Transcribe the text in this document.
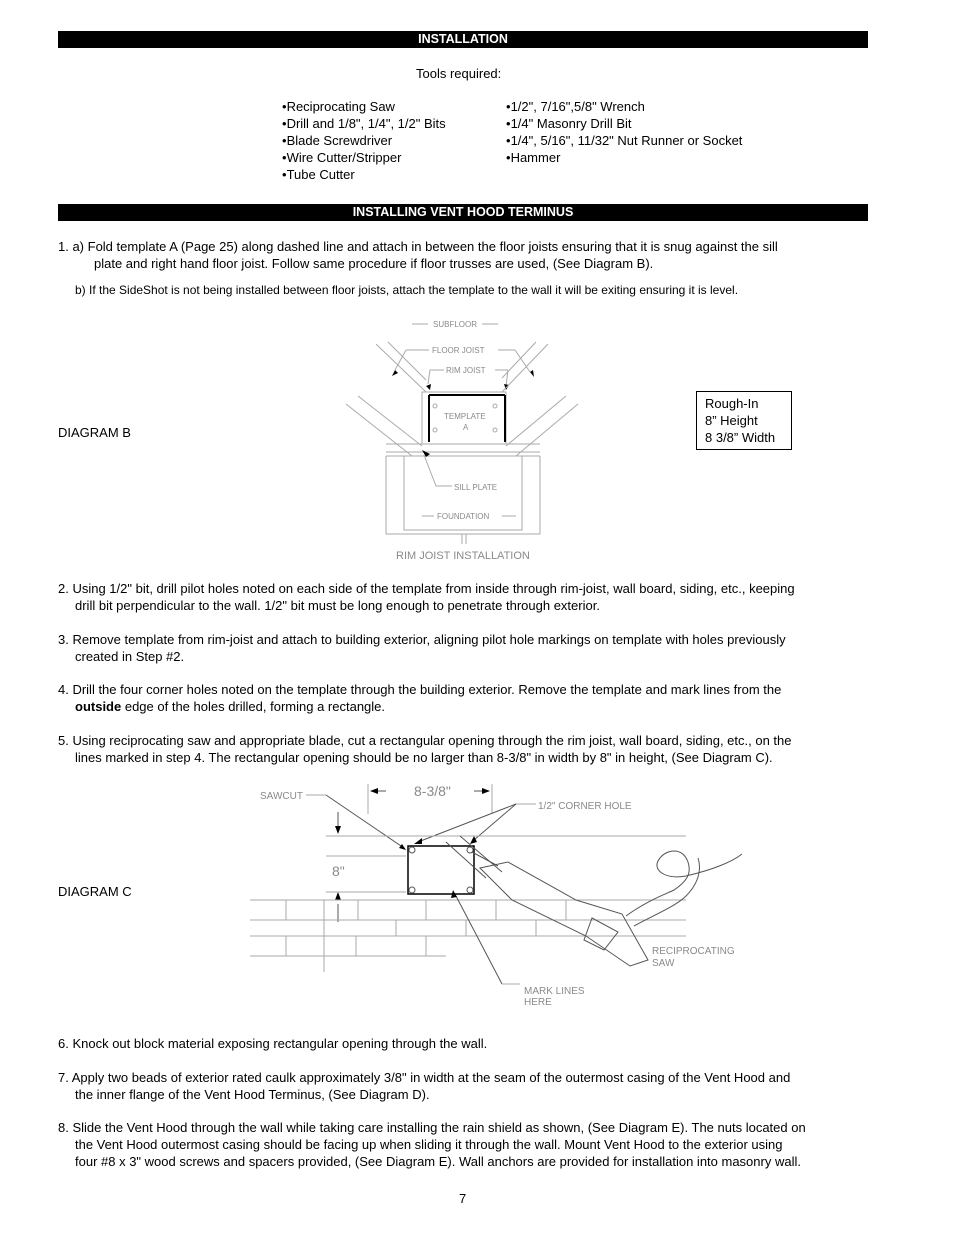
INSTALLATION
Tools required:
• Reciprocating Saw
• Drill and 1/8", 1/4", 1/2" Bits
• Blade Screwdriver
• Wire Cutter/Stripper
• Tube Cutter
• 1/2", 7/16",5/8" Wrench
• 1/4" Masonry Drill Bit
• 1/4", 5/16", 11/32" Nut Runner or Socket
• Hammer
INSTALLING VENT HOOD TERMINUS
1. a) Fold template A (Page 25) along dashed line and attach in between the floor joists ensuring that it is snug against the sill
plate and right hand floor joist. Follow same procedure if floor trusses are used, (See Diagram B).
b) If the SideShot is not being installed between floor joists, attach the template to the wall it will be exiting ensuring it is level.
DIAGRAM B
SUBFLOOR
FLOOR JOIST
RIM JOIST
TEMPLATE
A
SILL PLATE
FOUNDATION
RIM JOIST INSTALLATION
Rough-In
8” Height
8 3/8” Width
2. Using 1/2" bit, drill pilot holes noted on each side of the template from inside through rim-joist, wall board, siding, etc., keeping
drill bit perpendicular to the wall. 1/2" bit must be long enough to penetrate through exterior.
3. Remove template from rim-joist and attach to building exterior, aligning pilot hole markings on template with holes previously
created in Step #2.
4. Drill the four corner holes noted on the template through the building exterior. Remove the template and mark lines from the
outside edge of the holes drilled, forming a rectangle.
5. Using reciprocating saw and appropriate blade, cut a rectangular opening through the rim joist, wall board, siding, etc., on the
lines marked in step 4. The rectangular opening should be no larger than 8-3/8" in width by 8" in height, (See Diagram C).
DIAGRAM C
SAWCUT	8-3/8"
1/2" CORNER HOLE
8"
RECIPROCATING
SAW
MARK LINES
HERE
6. Knock out block material exposing rectangular opening through the wall.
7. Apply two beads of exterior rated caulk approximately 3/8" in width at the seam of the outermost casing of the Vent Hood and
the inner flange of the Vent Hood Terminus, (See Diagram D).
8. Slide the Vent Hood through the wall while taking care installing the rain shield as shown, (See Diagram E). The nuts located on
the Vent Hood outermost casing should be facing up when sliding it through the wall. Mount Vent Hood to the exterior using
four #8 x 3" wood screws and spacers provided, (See Diagram E). Wall anchors are provided for installation into masonry wall.
7
